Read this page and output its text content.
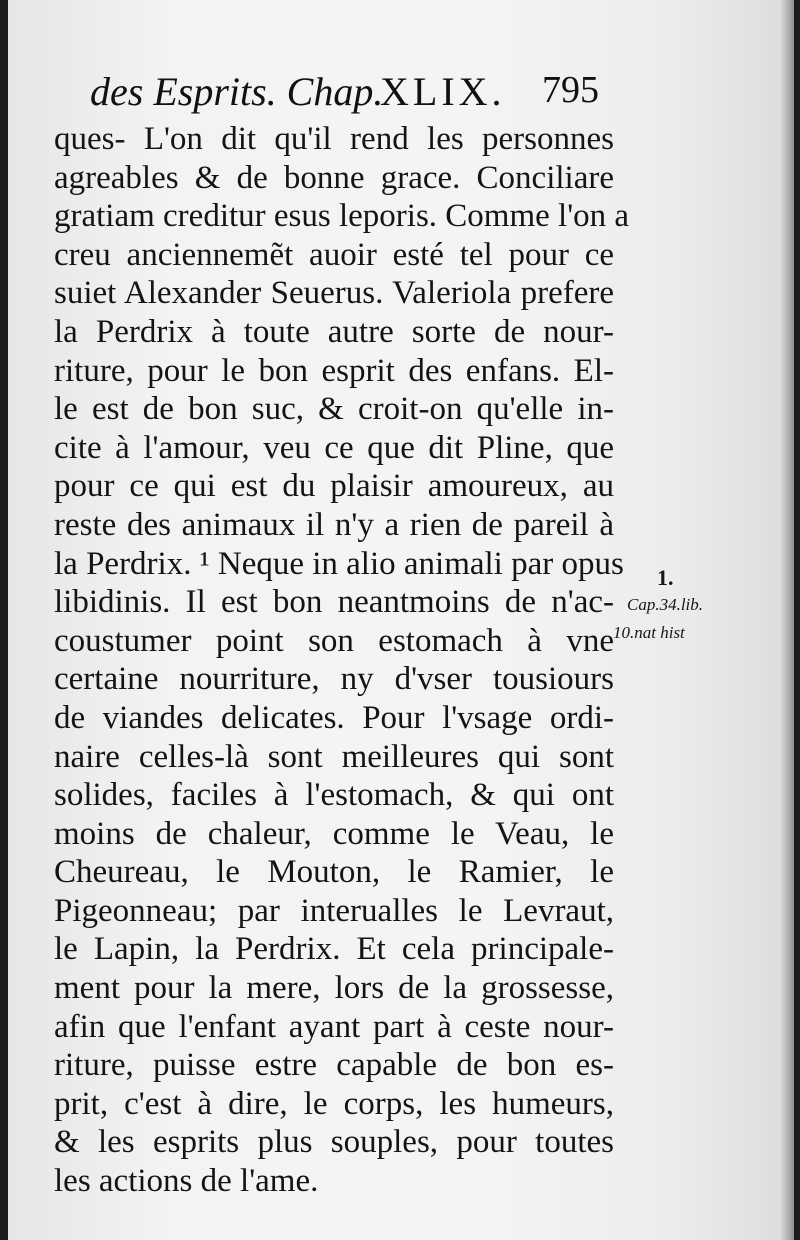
des Esprits. Chap.
XLIX. 795
ques- L'on dit qu'il rend les personnes
agreables & de bonne grace. Conciliare
gratiam creditur esus leporis. Comme l'on a
creu anciennemẽt auoir esté tel pour ce
suiet Alexander Seuerus. Valeriola prefere
la Perdrix à toute autre sorte de nour-
riture, pour le bon esprit des enfans. El-
le est de bon suc, & croit-on qu'elle in-
cite à l'amour, veu ce que dit Pline, que
pour ce qui est du plaisir amoureux, au
reste des animaux il n'y a rien de pareil à
la Perdrix. ¹ Neque in alio animali par opus
libidinis. Il est bon neantmoins de n'ac-
coustumer point son estomach à vne
certaine nourriture, ny d'vser tousiours
de viandes delicates. Pour l'vsage ordi-
naire celles-là sont meilleures qui sont
solides, faciles à l'estomach, & qui ont
moins de chaleur, comme le Veau, le
Cheureau, le Mouton, le Ramier, le
Pigeonneau; par interualles le Levraut,
le Lapin, la Perdrix. Et cela principale-
ment pour la mere, lors de la grossesse,
afin que l'enfant ayant part à ceste nour-
riture, puisse estre capable de bon es-
prit, c'est à dire, le corps, les humeurs,
& les esprits plus souples, pour toutes
les actions de l'ame.
1.
Cap.34.lib.
10.nat hist
